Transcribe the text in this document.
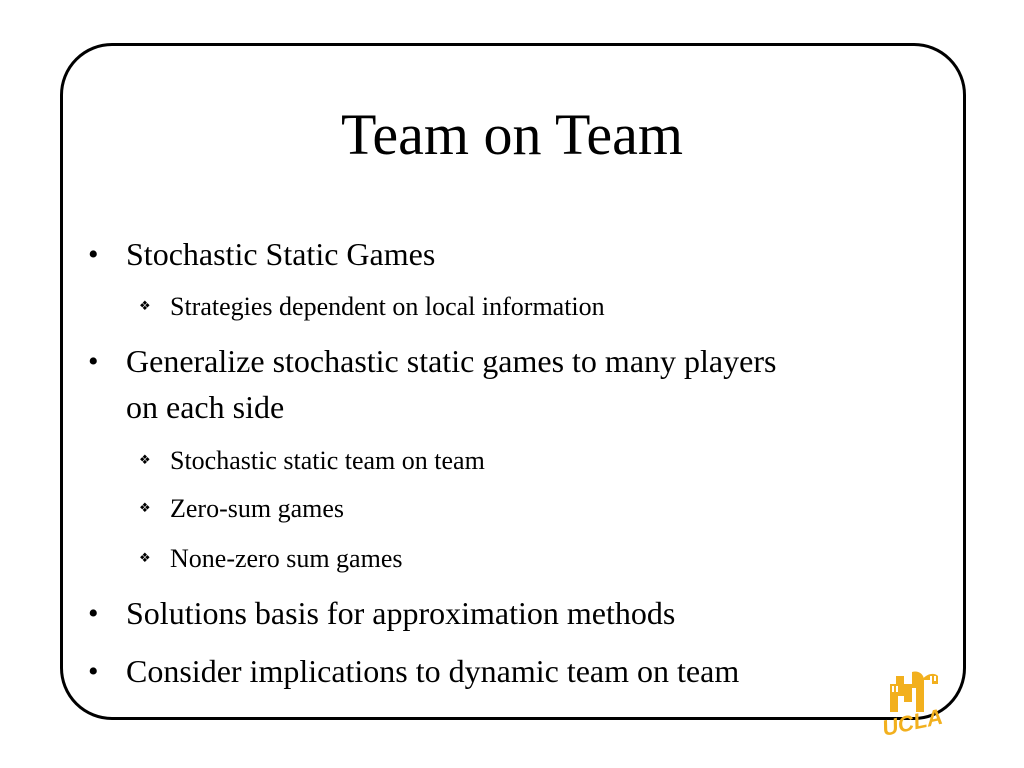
Team on Team
• Stochastic Static Games
❖ Strategies dependent on local information
• Generalize stochastic static games to many players
on each side
❖ Stochastic static team on team
❖ Zero-sum games
❖ None-zero sum games
• Solutions basis for approximation methods
• Consider implications to dynamic team on team
UCLA
